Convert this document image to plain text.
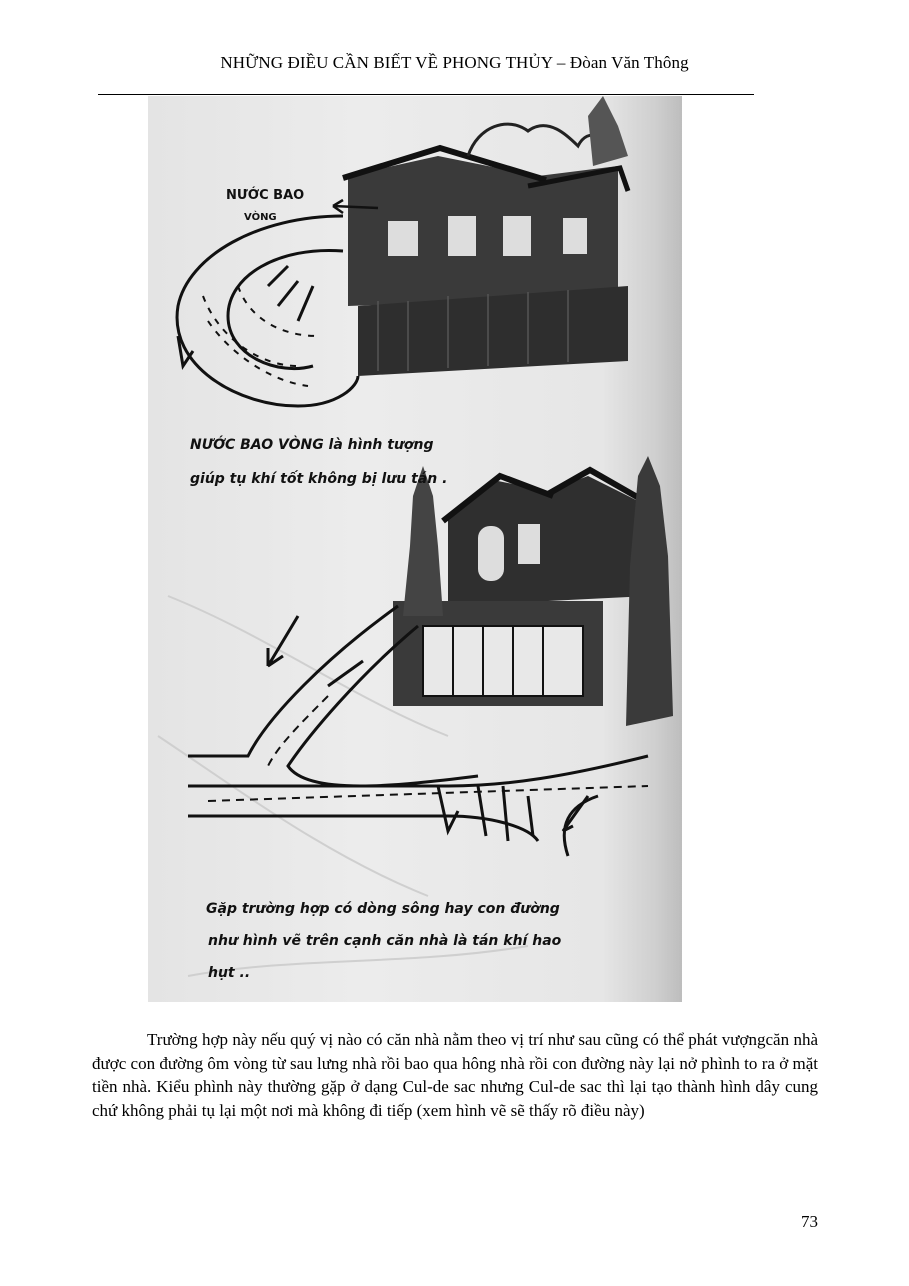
NHỮNG ĐIỀU CẦN BIẾT VỀ PHONG THỦY – Đòan Văn Thông
NƯỚC BAO
VÒNG
NƯỚC BAO VÒNG là hình tượng
giúp tụ khí tốt không bị lưu tán .
Gặp trường hợp có dòng sông hay con đường
như hình vẽ trên cạnh căn nhà là tán khí hao
hụt ..

Trường hợp này nếu quý vị nào có căn nhà nằm theo vị trí như sau cũng có thể phát vượngcăn nhà được con đường ôm vòng từ sau lưng nhà rồi bao qua hông nhà rồi con đường này lại nở phình to ra ở mặt tiền nhà. Kiểu phình này thường gặp ở dạng Cul-de sac nhưng Cul-de sac thì lại tạo thành hình dây cung chứ không phải tụ lại một nơi mà không đi tiếp (xem hình vẽ sẽ thấy rõ điều này)

73
